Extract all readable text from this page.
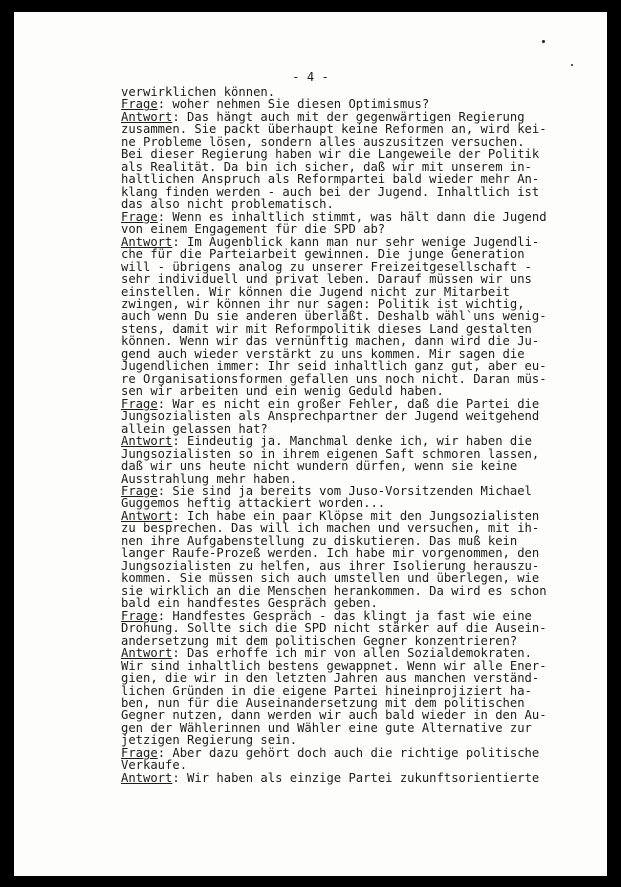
- 4 -
verwirklichen können.
Frage: woher nehmen Sie diesen Optimismus?
Antwort: Das hängt auch mit der gegenwärtigen Regierung
zusammen. Sie packt überhaupt keine Reformen an, wird kei-
ne Probleme lösen, sondern alles auszusitzen versuchen.
Bei dieser Regierung haben wir die Langeweile der Politik
als Realität. Da bin ich sicher, daß wir mit unserem in-
haltlichen Anspruch als Reformpartei bald wieder mehr An-
klang finden werden - auch bei der Jugend. Inhaltlich ist
das also nicht problematisch.
Frage: Wenn es inhaltlich stimmt, was hält dann die Jugend
von einem Engagement für die SPD ab?
Antwort: Im Augenblick kann man nur sehr wenige Jugendli-
che für die Parteiarbeit gewinnen. Die junge Generation
will - übrigens analog zu unserer Freizeitgesellschaft -
sehr individuell und privat leben. Darauf müssen wir uns
einstellen. Wir können die Jugend nicht zur Mitarbeit
zwingen, wir können ihr nur sagen: Politik ist wichtig,
auch wenn Du sie anderen überläßt. Deshalb wähl`uns wenig-
stens, damit wir mit Reformpolitik dieses Land gestalten
können. Wenn wir das vernünftig machen, dann wird die Ju-
gend auch wieder verstärkt zu uns kommen. Mir sagen die
Jugendlichen immer: Ihr seid inhaltlich ganz gut, aber eu-
re Organisationsformen gefallen uns noch nicht. Daran müs-
sen wir arbeiten und ein wenig Geduld haben.
Frage: War es nicht ein großer Fehler, daß die Partei die
Jungsozialisten als Ansprechpartner der Jugend weitgehend
allein gelassen hat?
Antwort: Eindeutig ja. Manchmal denke ich, wir haben die
Jungsozialisten so in ihrem eigenen Saft schmoren lassen,
daß wir uns heute nicht wundern dürfen, wenn sie keine
Ausstrahlung mehr haben.
Frage: Sie sind ja bereits vom Juso-Vorsitzenden Michael
Guggemos heftig attackiert worden...
Antwort: Ich habe ein paar Klöpse mit den Jungsozialisten
zu besprechen. Das will ich machen und versuchen, mit ih-
nen ihre Aufgabenstellung zu diskutieren. Das muß kein
langer Raufe-Prozeß werden. Ich habe mir vorgenommen, den
Jungsozialisten zu helfen, aus ihrer Isolierung herauszu-
kommen. Sie müssen sich auch umstellen und überlegen, wie
sie wirklich an die Menschen herankommen. Da wird es schon
bald ein handfestes Gespräch geben.
Frage: Handfestes Gespräch - das klingt ja fast wie eine
Drohung. Sollte sich die SPD nicht stärker auf die Ausein-
andersetzung mit dem politischen Gegner konzentrieren?
Antwort: Das erhoffe ich mir von allen Sozialdemokraten.
Wir sind inhaltlich bestens gewappnet. Wenn wir alle Ener-
gien, die wir in den letzten Jahren aus manchen verständ-
lichen Gründen in die eigene Partei hineinprojiziert ha-
ben, nun für die Auseinandersetzung mit dem politischen
Gegner nutzen, dann werden wir auch bald wieder in den Au-
gen der Wählerinnen und Wähler eine gute Alternative zur
jetzigen Regierung sein.
Frage: Aber dazu gehört doch auch die richtige politische
Verkaufe.
Antwort: Wir haben als einzige Partei zukunftsorientierte
